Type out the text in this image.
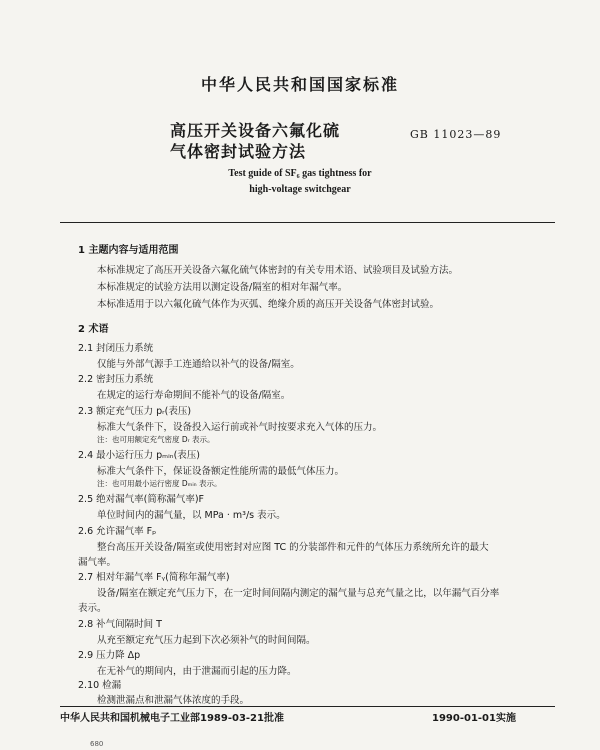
中华人民共和国国家标准
高压开关设备六氟化硫
气体密封试验方法
GB 11023—89
Test guide of SF₆ gas tightness for
high-voltage switchgear
1 主题内容与适用范围
本标准规定了高压开关设备六氟化硫气体密封的有关专用术语、试验项目及试验方法。
本标准规定的试验方法用以测定设备/隔室的相对年漏气率。
本标准适用于以六氟化硫气体作为灭弧、绝缘介质的高压开关设备气体密封试验。
2 术语
2.1 封闭压力系统
仅能与外部气源手工连通给以补气的设备/隔室。
2.2 密封压力系统
在规定的运行寿命期间不能补气的设备/隔室。
2.3 额定充气压力 pᵣ(表压)
标准大气条件下，设备投入运行前或补气时按要求充入气体的压力。
注：也可用额定充气密度 Dᵣ 表示。
2.4 最小运行压力 pₘᵢₙ(表压)
标准大气条件下，保证设备额定性能所需的最低气体压力。
注：也可用最小运行密度 Dₘᵢₙ 表示。
2.5 绝对漏气率(简称漏气率)F
单位时间内的漏气量，以 MPa · m³/s 表示。
2.6 允许漏气率 Fₚ
整台高压开关设备/隔室或使用密封对应图 TC 的分装部件和元件的气体压力系统所允许的最大
漏气率。
2.7 相对年漏气率 Fᵧ(简称年漏气率)
设备/隔室在额定充气压力下，在一定时间间隔内测定的漏气量与总充气量之比，以年漏气百分率
表示。
2.8 补气间隔时间 T
从充至额定充气压力起到下次必须补气的时间间隔。
2.9 压力降 Δp
在无补气的期间内，由于泄漏而引起的压力降。
2.10 检漏
检测泄漏点和泄漏气体浓度的手段。
中华人民共和国机械电子工业部1989-03-21批准	1990-01-01实施
680
